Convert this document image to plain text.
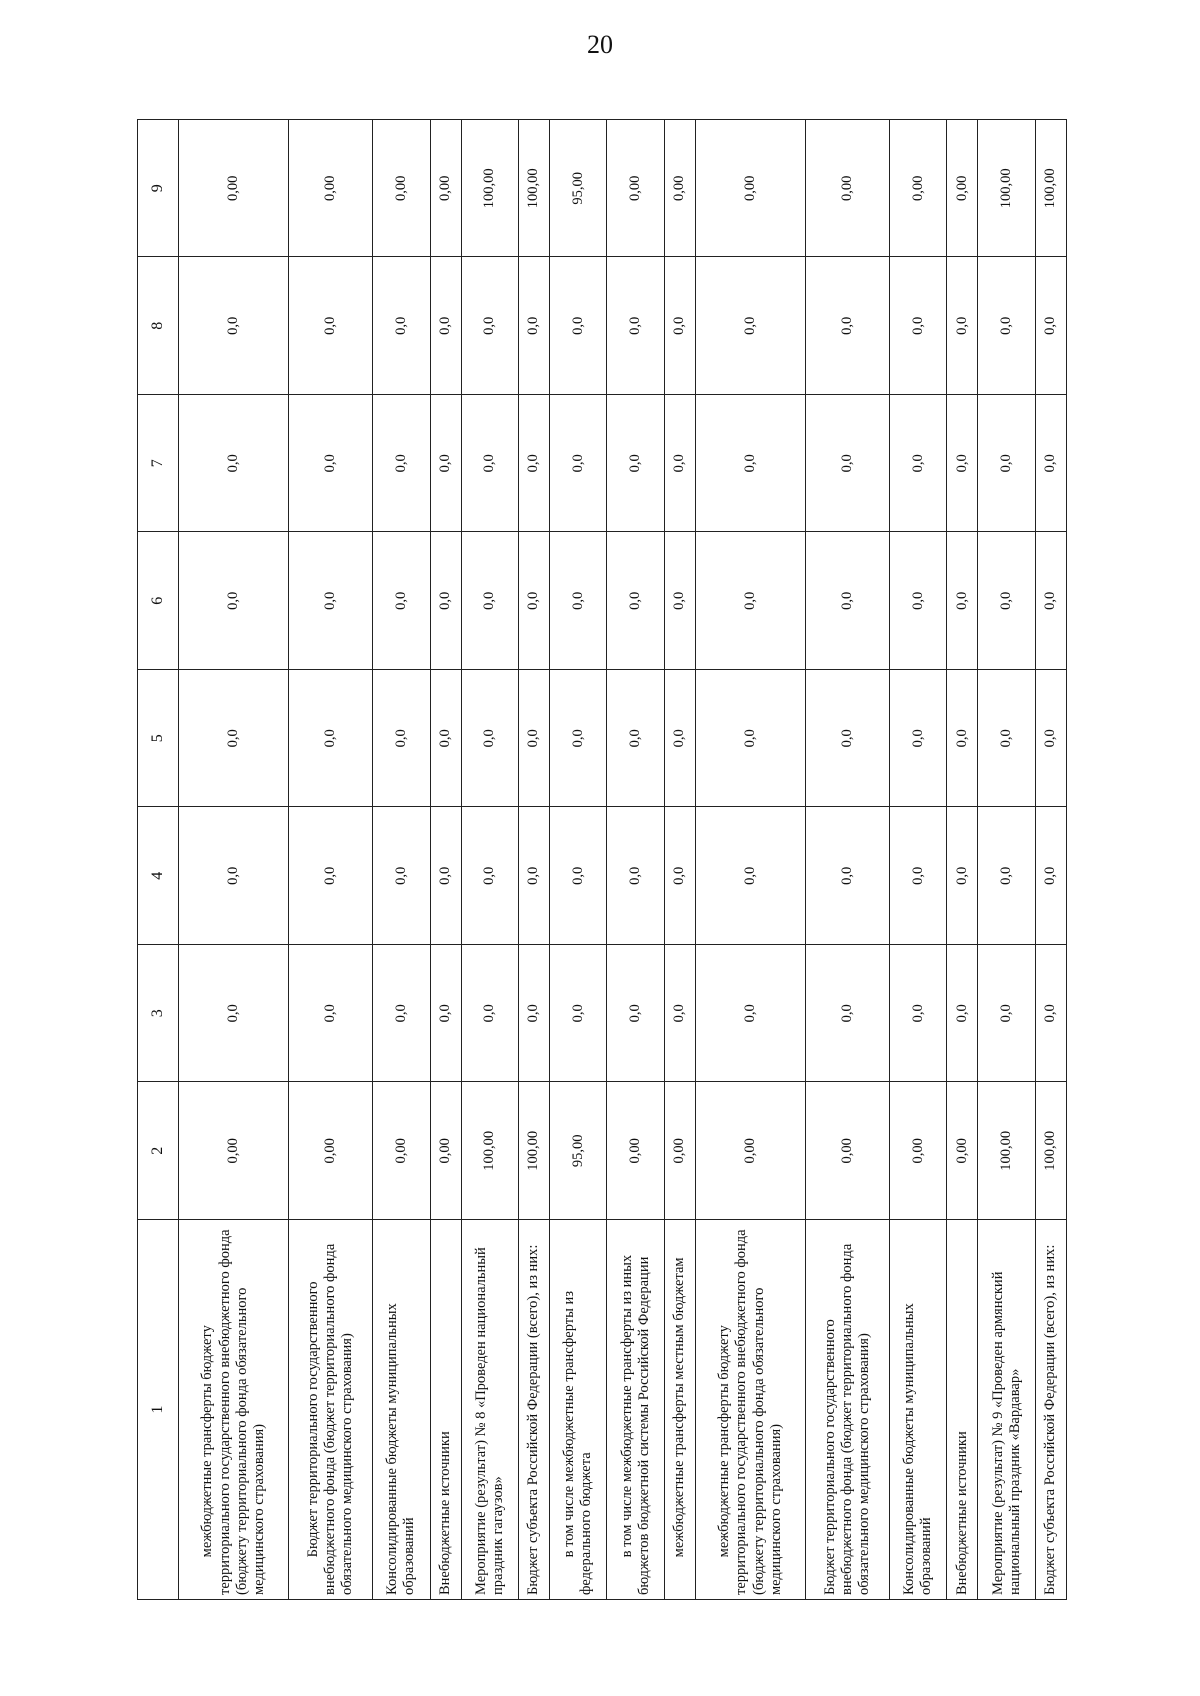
20
1	2	3	4	5	6	7	8	9

межбюджетные трансферты бюджету территориального государственного внебюджетного фонда (бюджету территориального фонда обязательного медицинского страхования)	0,00	0,0	0,0	0,0	0,0	0,0	0,0	0,00

Бюджет территориального государственного внебюджетного фонда (бюджет территориального фонда обязательного медицинского страхования)	0,00	0,0	0,0	0,0	0,0	0,0	0,0	0,00
Консолидированные бюджеты муниципальных образований	0,00	0,0	0,0	0,0	0,0	0,0	0,0	0,00
Внебюджетные источники	0,00	0,0	0,0	0,0	0,0	0,0	0,0	0,00
Мероприятие (результат) № 8 «Проведен национальный праздник гагаузов»	100,00	0,0	0,0	0,0	0,0	0,0	0,0	100,00
Бюджет субъекта Российской Федерации (всего), из них:	100,00	0,0	0,0	0,0	0,0	0,0	0,0	100,00

в том числе межбюджетные трансферты из федерального бюджета	95,00	0,0	0,0	0,0	0,0	0,0	0,0	95,00

в том числе межбюджетные трансферты из иных бюджетов бюджетной системы Российской Федерации	0,00	0,0	0,0	0,0	0,0	0,0	0,0	0,00

межбюджетные трансферты местным бюджетам	0,00	0,0	0,0	0,0	0,0	0,0	0,0	0,00

межбюджетные трансферты бюджету территориального государственного внебюджетного фонда (бюджету территориального фонда обязательного медицинского страхования)	0,00	0,0	0,0	0,0	0,0	0,0	0,0	0,00
Бюджет территориального государственного внебюджетного фонда (бюджет территориального фонда обязательного медицинского страхования)	0,00	0,0	0,0	0,0	0,0	0,0	0,0	0,00
Консолидированные бюджеты муниципальных образований	0,00	0,0	0,0	0,0	0,0	0,0	0,0	0,00
Внебюджетные источники	0,00	0,0	0,0	0,0	0,0	0,0	0,0	0,00
Мероприятие (результат) № 9 «Проведен армянский национальный праздник «Вардавар»	100,00	0,0	0,0	0,0	0,0	0,0	0,0	100,00
Бюджет субъекта Российской Федерации (всего), из них:	100,00	0,0	0,0	0,0	0,0	0,0	0,0	100,00
